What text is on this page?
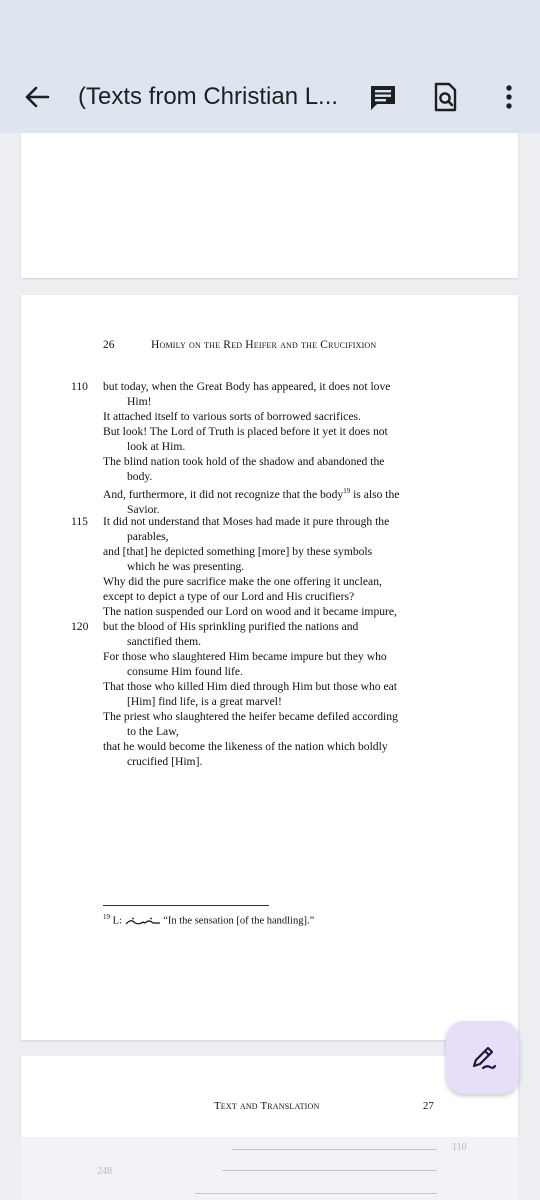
(Texts from Christian L...
26	Homily on the Red Heifer and the Crucifixion
110	but today, when the Great Body has appeared, it does not love
Him!
It attached itself to various sorts of borrowed sacrifices.
But look! The Lord of Truth is placed before it yet it does not
look at Him.
The blind nation took hold of the shadow and abandoned the
body.
And, furthermore, it did not recognize that the body$^{19}$ is also the
Savior.
115	It did not understand that Moses had made it pure through the
parables,
and [that] he depicted something [more] by these symbols
which he was presenting.
Why did the pure sacrifice make the one offering it unclean,
except to depict a type of our Lord and His crucifiers?
The nation suspended our Lord on wood and it became impure,
120	but the blood of His sprinkling purified the nations and
sanctified them.
For those who slaughtered Him became impure but they who
consume Him found life.
That those who killed Him died through Him but those who eat
[Him] find life, is a great marvel!
The priest who slaughtered the heifer became defiled according
to the Law,
that he would become the likeness of the nation which boldly
crucified [Him].
$^{19}$ L:	“In the sensation [of the handling].”
Text and Translation	27
248
110
